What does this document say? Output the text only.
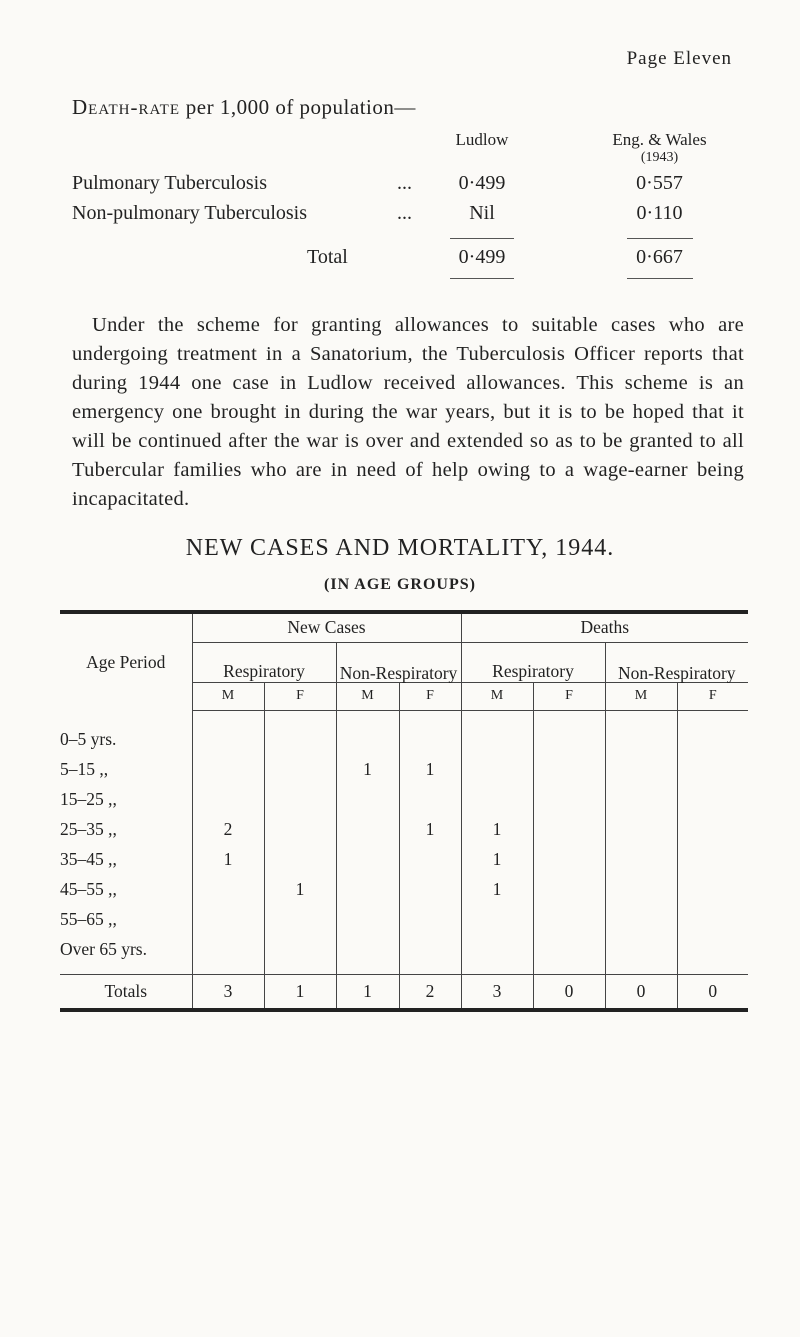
Page Eleven
Death-rate per 1,000 of population—
Ludlow	Eng. & Wales
(1943)
Pulmonary Tuberculosis	...	0·499	0·557
Non-pulmonary Tuberculosis	...	Nil	0·110
Total	0·499	0·667

Under the scheme for granting allowances to suitable cases who are undergoing treatment in a Sanatorium, the Tuberculosis Officer reports that during 1944 one case in Ludlow received allowances. This scheme is an emergency one brought in during the war years, but it is to be hoped that it will be continued after the war is over and extended so as to be granted to all Tubercular families who are in need of help owing to a wage-earner being incapacitated.

NEW CASES AND MORTALITY, 1944.
(IN AGE GROUPS)

Age Period	New Cases				Deaths			
	Respiratory		Non-Respiratory		Respiratory		Non-Respiratory	
	M	F	M	F	M	F	M	F

0–5 yrs.								
5–15 ,,			1	1				
15–25 ,,								
25–35 ,,	2			1	1			
35–45 ,,	1				1			
45–55 ,,		1			1			
55–65 ,,								
Over 65 yrs.								

Totals	3	1	1	2	3	0	0	0
